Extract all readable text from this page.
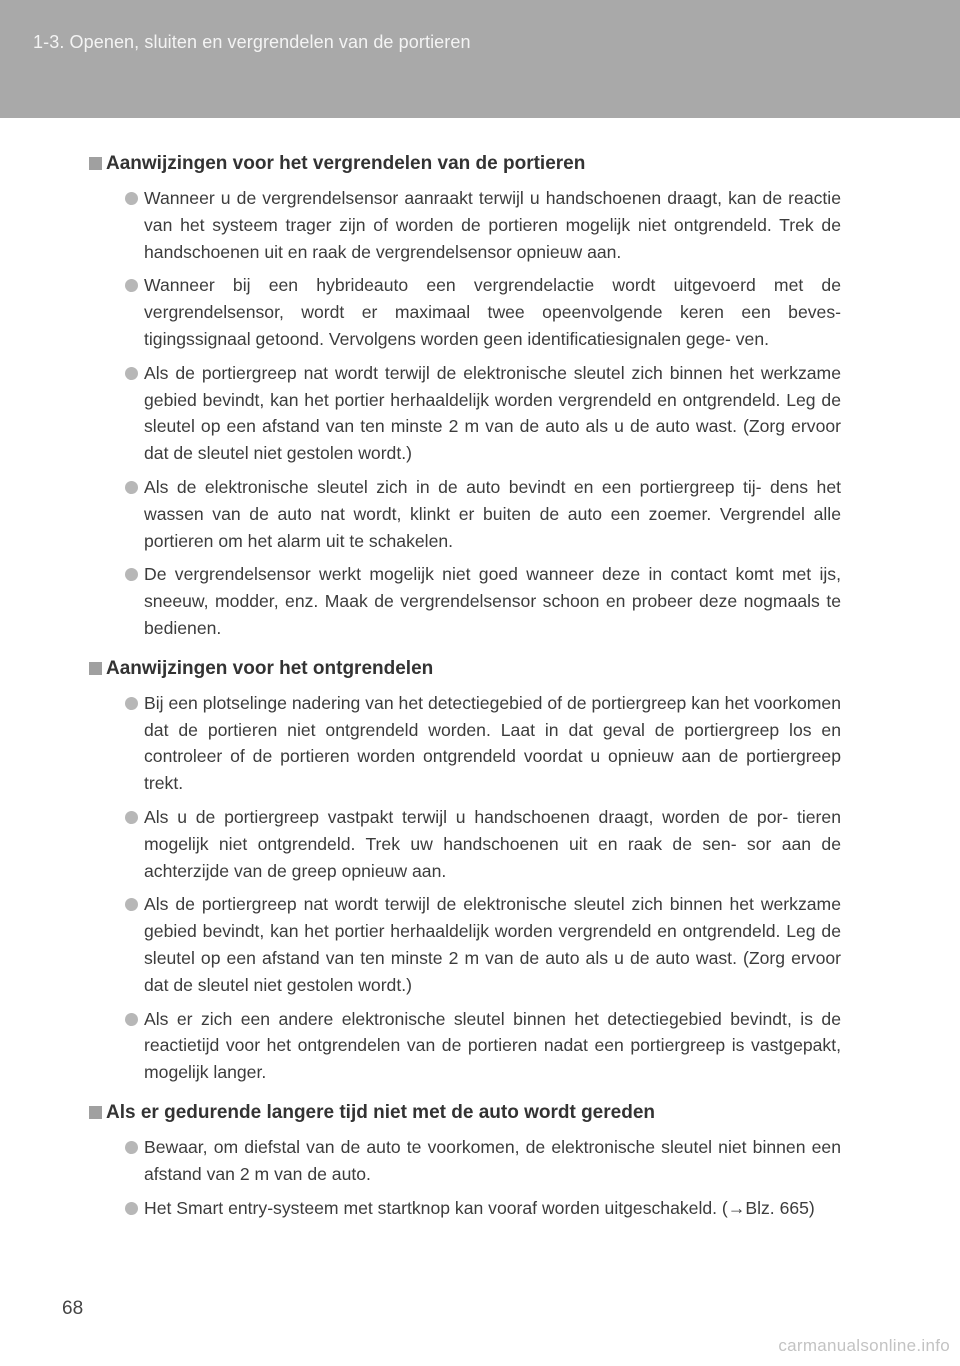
1-3. Openen, sluiten en vergrendelen van de portieren
Aanwijzingen voor het vergrendelen van de portieren
Wanneer u de vergrendelsensor aanraakt terwijl u handschoenen draagt, kan de reactie van het systeem trager zijn of worden de portieren mogelijk niet ontgrendeld. Trek de handschoenen uit en raak de vergrendelsensor opnieuw aan.
Wanneer bij een hybrideauto een vergrendelactie wordt uitgevoerd met de vergrendelsensor, wordt er maximaal twee opeenvolgende keren een beves- tigingssignaal getoond. Vervolgens worden geen identificatiesignalen gege- ven.
Als de portiergreep nat wordt terwijl de elektronische sleutel zich binnen het werkzame gebied bevindt, kan het portier herhaaldelijk worden vergrendeld en ontgrendeld. Leg de sleutel op een afstand van ten minste 2 m van de auto als u de auto wast. (Zorg ervoor dat de sleutel niet gestolen wordt.)
Als de elektronische sleutel zich in de auto bevindt en een portiergreep tij- dens het wassen van de auto nat wordt, klinkt er buiten de auto een zoemer. Vergrendel alle portieren om het alarm uit te schakelen.
De vergrendelsensor werkt mogelijk niet goed wanneer deze in contact komt met ijs, sneeuw, modder, enz. Maak de vergrendelsensor schoon en probeer deze nogmaals te bedienen.
Aanwijzingen voor het ontgrendelen
Bij een plotselinge nadering van het detectiegebied of de portiergreep kan het voorkomen dat de portieren niet ontgrendeld worden. Laat in dat geval de portiergreep los en controleer of de portieren worden ontgrendeld voordat u opnieuw aan de portiergreep trekt.
Als u de portiergreep vastpakt terwijl u handschoenen draagt, worden de por- tieren mogelijk niet ontgrendeld. Trek uw handschoenen uit en raak de sen- sor aan de achterzijde van de greep opnieuw aan.
Als de portiergreep nat wordt terwijl de elektronische sleutel zich binnen het werkzame gebied bevindt, kan het portier herhaaldelijk worden vergrendeld en ontgrendeld. Leg de sleutel op een afstand van ten minste 2 m van de auto als u de auto wast. (Zorg ervoor dat de sleutel niet gestolen wordt.)
Als er zich een andere elektronische sleutel binnen het detectiegebied bevindt, is de reactietijd voor het ontgrendelen van de portieren nadat een portiergreep is vastgepakt, mogelijk langer.
Als er gedurende langere tijd niet met de auto wordt gereden
Bewaar, om diefstal van de auto te voorkomen, de elektronische sleutel niet binnen een afstand van 2 m van de auto.
Het Smart entry-systeem met startknop kan vooraf worden uitgeschakeld. (→Blz. 665)
68
carmanualsonline.info
